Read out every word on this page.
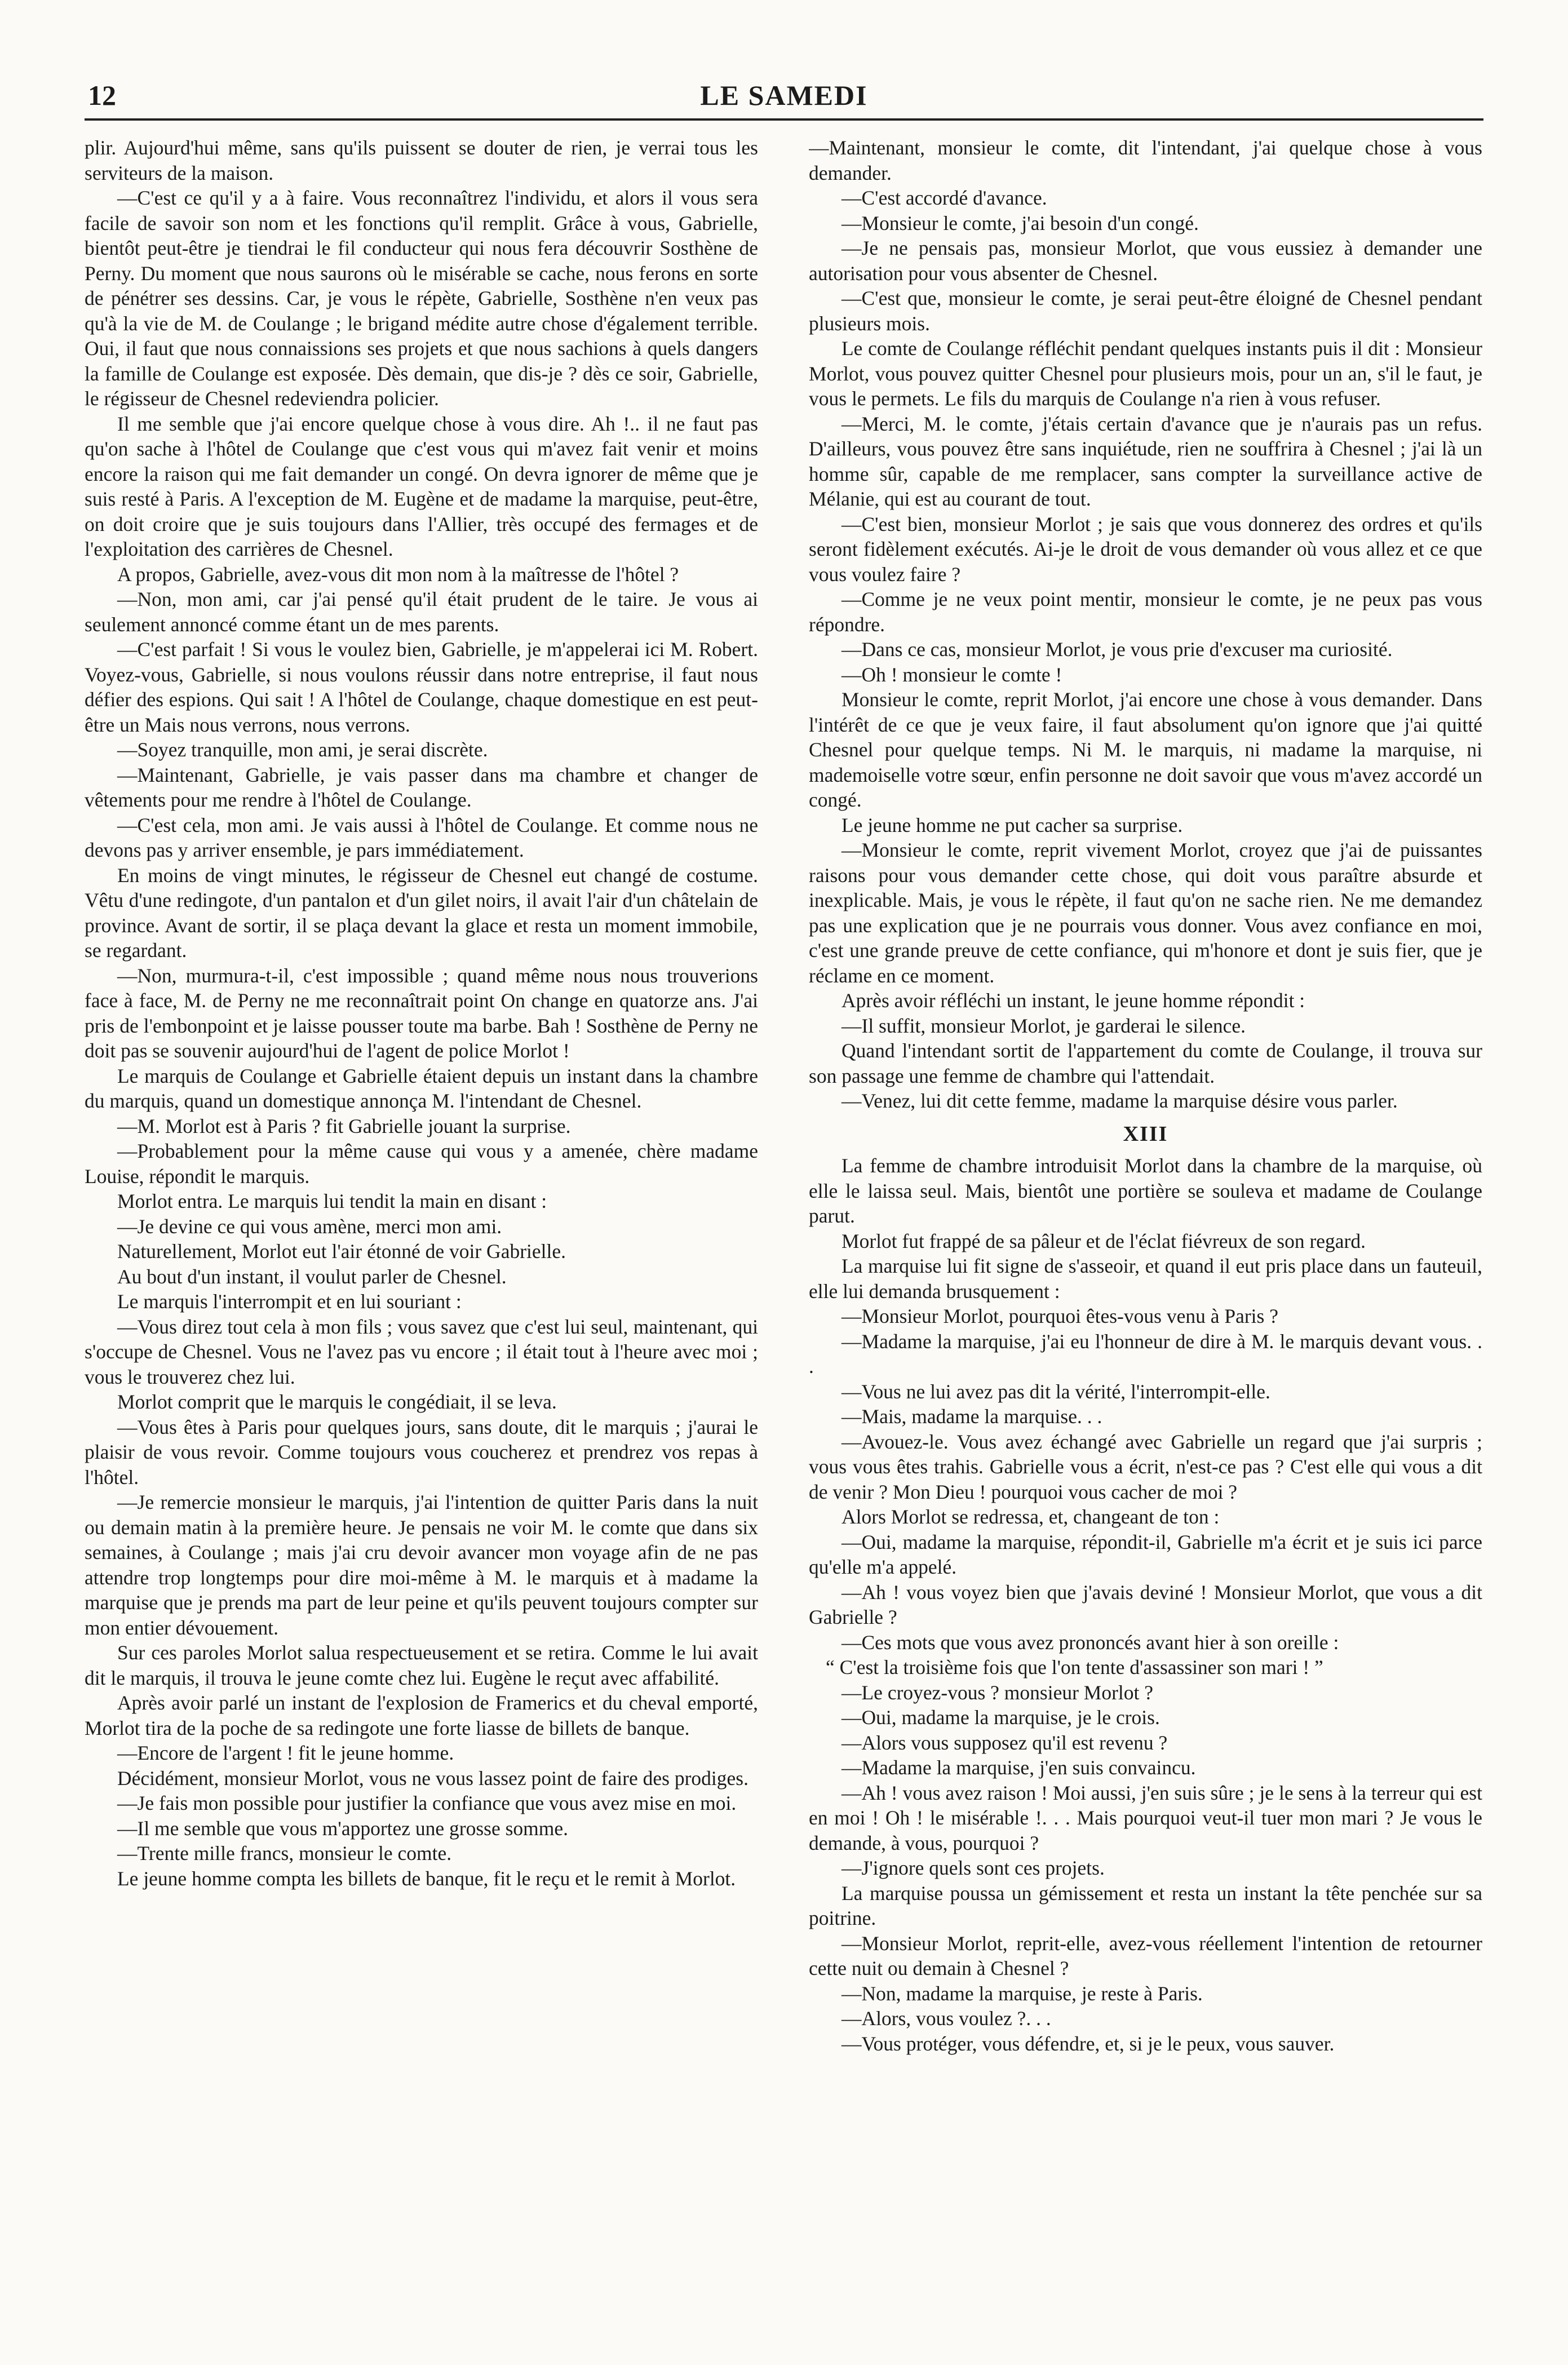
12	LE SAMEDI

plir. Aujourd'hui même, sans qu'ils puissent se douter de rien, je verrai tous les serviteurs de la maison.

—C'est ce qu'il y a à faire. Vous reconnaîtrez l'individu, et alors il vous sera facile de savoir son nom et les fonctions qu'il remplit. Grâce à vous, Gabrielle, bientôt peut-être je tiendrai le fil conducteur qui nous fera découvrir Sosthène de Perny. Du moment que nous saurons où le misérable se cache, nous ferons en sorte de pénétrer ses dessins. Car, je vous le répète, Gabrielle, Sosthène n'en veux pas qu'à la vie de M. de Coulange ; le brigand médite autre chose d'également terrible. Oui, il faut que nous connaissions ses projets et que nous sachions à quels dangers la famille de Coulange est exposée. Dès demain, que dis-je ? dès ce soir, Gabrielle, le régisseur de Chesnel redeviendra policier.

Il me semble que j'ai encore quelque chose à vous dire. Ah !.. il ne faut pas qu'on sache à l'hôtel de Coulange que c'est vous qui m'avez fait venir et moins encore la raison qui me fait demander un congé. On devra ignorer de même que je suis resté à Paris. A l'exception de M. Eugène et de madame la marquise, peut-être, on doit croire que je suis toujours dans l'Allier, très occupé des fermages et de l'exploitation des carrières de Chesnel.

A propos, Gabrielle, avez-vous dit mon nom à la maîtresse de l'hôtel ?

—Non, mon ami, car j'ai pensé qu'il était prudent de le taire. Je vous ai seulement annoncé comme étant un de mes parents.

—C'est parfait ! Si vous le voulez bien, Gabrielle, je m'appelerai ici M. Robert. Voyez-vous, Gabrielle, si nous voulons réussir dans notre entreprise, il faut nous défier des espions. Qui sait ! A l'hôtel de Coulange, chaque domestique en est peut-être un Mais nous verrons, nous verrons.

—Soyez tranquille, mon ami, je serai discrète.

—Maintenant, Gabrielle, je vais passer dans ma chambre et changer de vêtements pour me rendre à l'hôtel de Coulange.

—C'est cela, mon ami. Je vais aussi à l'hôtel de Coulange. Et comme nous ne devons pas y arriver ensemble, je pars immédiatement.

En moins de vingt minutes, le régisseur de Chesnel eut changé de costume. Vêtu d'une redingote, d'un pantalon et d'un gilet noirs, il avait l'air d'un châtelain de province. Avant de sortir, il se plaça devant la glace et resta un moment immobile, se regardant.

—Non, murmura-t-il, c'est impossible ; quand même nous nous trouverions face à face, M. de Perny ne me reconnaîtrait point On change en quatorze ans. J'ai pris de l'embonpoint et je laisse pousser toute ma barbe. Bah ! Sosthène de Perny ne doit pas se souvenir aujourd'hui de l'agent de police Morlot !

Le marquis de Coulange et Gabrielle étaient depuis un instant dans la chambre du marquis, quand un domestique annonça M. l'intendant de Chesnel.

—M. Morlot est à Paris ? fit Gabrielle jouant la surprise.

—Probablement pour la même cause qui vous y a amenée, chère madame Louise, répondit le marquis.

Morlot entra. Le marquis lui tendit la main en disant :

—Je devine ce qui vous amène, merci mon ami.

Naturellement, Morlot eut l'air étonné de voir Gabrielle.

Au bout d'un instant, il voulut parler de Chesnel.

Le marquis l'interrompit et en lui souriant :

—Vous direz tout cela à mon fils ; vous savez que c'est lui seul, maintenant, qui s'occupe de Chesnel. Vous ne l'avez pas vu encore ; il était tout à l'heure avec moi ; vous le trouverez chez lui.

Morlot comprit que le marquis le congédiait, il se leva.

—Vous êtes à Paris pour quelques jours, sans doute, dit le marquis ; j'aurai le plaisir de vous revoir. Comme toujours vous coucherez et prendrez vos repas à l'hôtel.

—Je remercie monsieur le marquis, j'ai l'intention de quitter Paris dans la nuit ou demain matin à la première heure. Je pensais ne voir M. le comte que dans six semaines, à Coulange ; mais j'ai cru devoir avancer mon voyage afin de ne pas attendre trop longtemps pour dire moi-même à M. le marquis et à madame la marquise que je prends ma part de leur peine et qu'ils peuvent toujours compter sur mon entier dévouement.

Sur ces paroles Morlot salua respectueusement et se retira. Comme le lui avait dit le marquis, il trouva le jeune comte chez lui. Eugène le reçut avec affabilité.

Après avoir parlé un instant de l'explosion de Framerics et du cheval emporté, Morlot tira de la poche de sa redingote une forte liasse de billets de banque.

—Encore de l'argent ! fit le jeune homme.

Décidément, monsieur Morlot, vous ne vous lassez point de faire des prodiges.

—Je fais mon possible pour justifier la confiance que vous avez mise en moi.

—Il me semble que vous m'apportez une grosse somme.

—Trente mille francs, monsieur le comte.

Le jeune homme compta les billets de banque, fit le reçu et le remit à Morlot.

—Maintenant, monsieur le comte, dit l'intendant, j'ai quelque chose à vous demander.

—C'est accordé d'avance.

—Monsieur le comte, j'ai besoin d'un congé.

—Je ne pensais pas, monsieur Morlot, que vous eussiez à demander une autorisation pour vous absenter de Chesnel.

—C'est que, monsieur le comte, je serai peut-être éloigné de Chesnel pendant plusieurs mois.

Le comte de Coulange réfléchit pendant quelques instants puis il dit : Monsieur Morlot, vous pouvez quitter Chesnel pour plusieurs mois, pour un an, s'il le faut, je vous le permets. Le fils du marquis de Coulange n'a rien à vous refuser.

—Merci, M. le comte, j'étais certain d'avance que je n'aurais pas un refus. D'ailleurs, vous pouvez être sans inquiétude, rien ne souffrira à Chesnel ; j'ai là un homme sûr, capable de me remplacer, sans compter la surveillance active de Mélanie, qui est au courant de tout.

—C'est bien, monsieur Morlot ; je sais que vous donnerez des ordres et qu'ils seront fidèlement exécutés. Ai-je le droit de vous demander où vous allez et ce que vous voulez faire ?

—Comme je ne veux point mentir, monsieur le comte, je ne peux pas vous répondre.

—Dans ce cas, monsieur Morlot, je vous prie d'excuser ma curiosité.

—Oh ! monsieur le comte !

Monsieur le comte, reprit Morlot, j'ai encore une chose à vous demander. Dans l'intérêt de ce que je veux faire, il faut absolument qu'on ignore que j'ai quitté Chesnel pour quelque temps. Ni M. le marquis, ni madame la marquise, ni mademoiselle votre sœur, enfin personne ne doit savoir que vous m'avez accordé un congé.

Le jeune homme ne put cacher sa surprise.

—Monsieur le comte, reprit vivement Morlot, croyez que j'ai de puissantes raisons pour vous demander cette chose, qui doit vous paraître absurde et inexplicable. Mais, je vous le répète, il faut qu'on ne sache rien. Ne me demandez pas une explication que je ne pourrais vous donner. Vous avez confiance en moi, c'est une grande preuve de cette confiance, qui m'honore et dont je suis fier, que je réclame en ce moment.

Après avoir réfléchi un instant, le jeune homme répondit :

—Il suffit, monsieur Morlot, je garderai le silence.

Quand l'intendant sortit de l'appartement du comte de Coulange, il trouva sur son passage une femme de chambre qui l'attendait.

—Venez, lui dit cette femme, madame la marquise désire vous parler.

XIII

La femme de chambre introduisit Morlot dans la chambre de la marquise, où elle le laissa seul. Mais, bientôt une portière se souleva et madame de Coulange parut.

Morlot fut frappé de sa pâleur et de l'éclat fiévreux de son regard.

La marquise lui fit signe de s'asseoir, et quand il eut pris place dans un fauteuil, elle lui demanda brusquement :

—Monsieur Morlot, pourquoi êtes-vous venu à Paris ?

—Madame la marquise, j'ai eu l'honneur de dire à M. le marquis devant vous. . .

—Vous ne lui avez pas dit la vérité, l'interrompit-elle.

—Mais, madame la marquise. . .

—Avouez-le. Vous avez échangé avec Gabrielle un regard que j'ai surpris ; vous vous êtes trahis. Gabrielle vous a écrit, n'est-ce pas ? C'est elle qui vous a dit de venir ? Mon Dieu ! pourquoi vous cacher de moi ?

Alors Morlot se redressa, et, changeant de ton :

—Oui, madame la marquise, répondit-il, Gabrielle m'a écrit et je suis ici parce qu'elle m'a appelé.

—Ah ! vous voyez bien que j'avais deviné ! Monsieur Morlot, que vous a dit Gabrielle ?

—Ces mots que vous avez prononcés avant hier à son oreille :

“ C'est la troisième fois que l'on tente d'assassiner son mari ! ”

—Le croyez-vous ? monsieur Morlot ?

—Oui, madame la marquise, je le crois.

—Alors vous supposez qu'il est revenu ?

—Madame la marquise, j'en suis convaincu.

—Ah ! vous avez raison ! Moi aussi, j'en suis sûre ; je le sens à la terreur qui est en moi ! Oh ! le misérable !. . . Mais pourquoi veut-il tuer mon mari ? Je vous le demande, à vous, pourquoi ?

—J'ignore quels sont ces projets.

La marquise poussa un gémissement et resta un instant la tête penchée sur sa poitrine.

—Monsieur Morlot, reprit-elle, avez-vous réellement l'intention de retourner cette nuit ou demain à Chesnel ?

—Non, madame la marquise, je reste à Paris.

—Alors, vous voulez ?. . .

—Vous protéger, vous défendre, et, si je le peux, vous sauver.
